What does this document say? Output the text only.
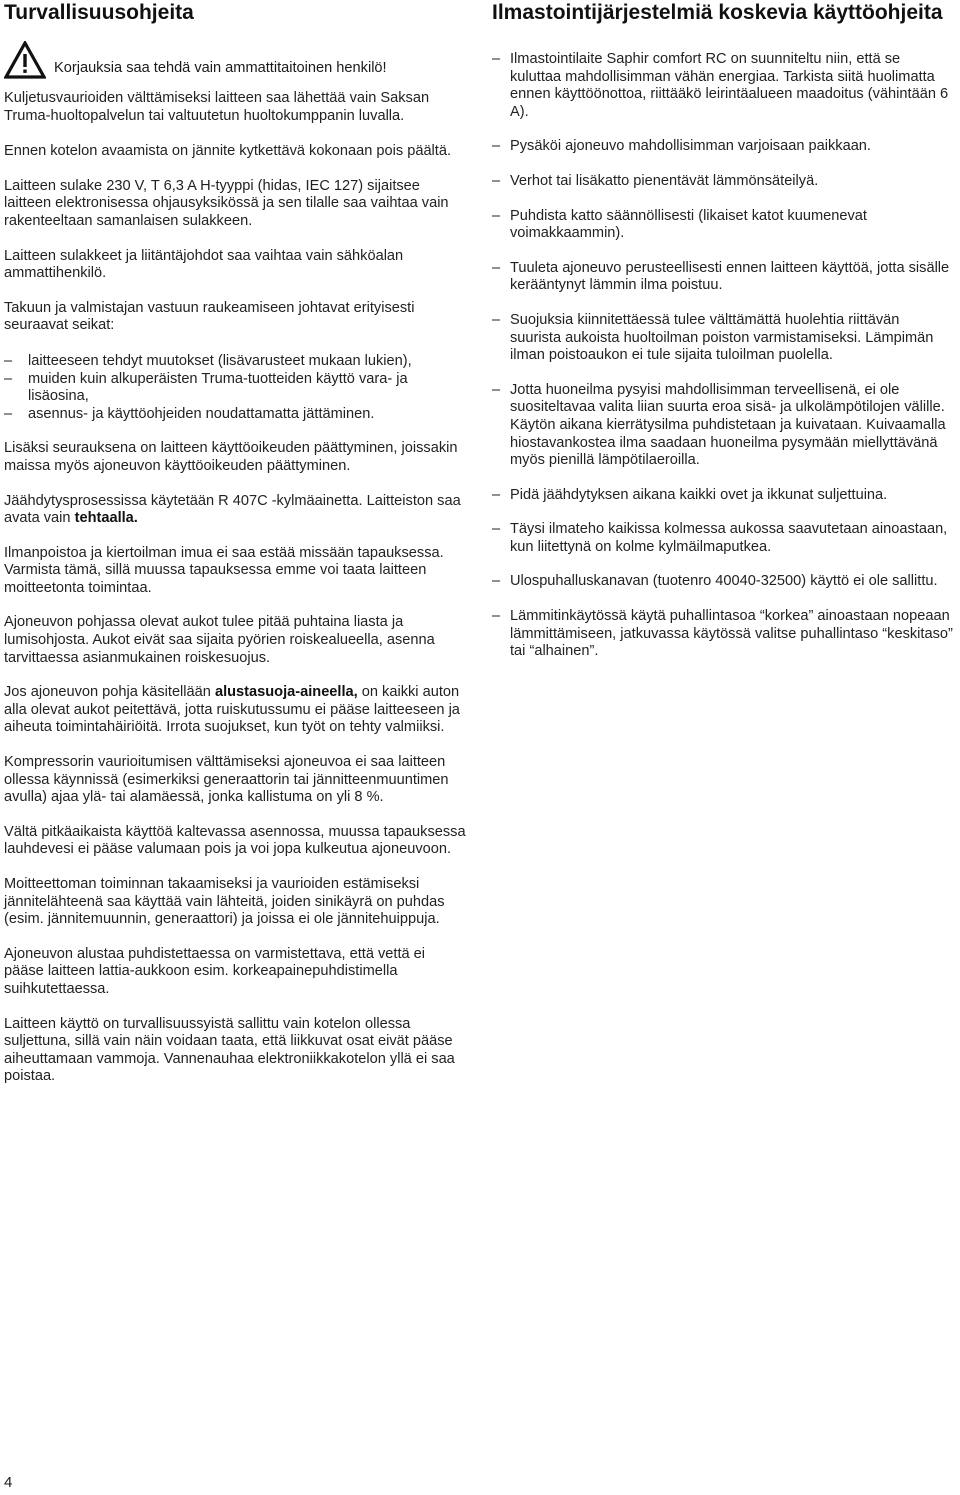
Turvallisuusohjeita
Korjauksia saa tehdä vain ammattitaitoinen henkilö!

Kuljetusvaurioiden välttämiseksi laitteen saa lähettää vain Saksan Truma-huoltopalvelun tai valtuutetun huoltokumppanin luvalla.

Ennen kotelon avaamista on jännite kytkettävä kokonaan pois päältä.

Laitteen sulake 230 V, T 6,3 A H-tyyppi (hidas, IEC 127) sijaitsee laitteen elektronisessa ohjausyksikössä ja sen tilalle saa vaihtaa vain rakenteeltaan samanlaisen sulakkeen.

Laitteen sulakkeet ja liitäntäjohdot saa vaihtaa vain sähköalan ammattihenkilö.

Takuun ja valmistajan vastuun raukeamiseen johtavat erityisesti seuraavat seikat:

– laitteeseen tehdyt muutokset (lisävarusteet mukaan lukien),
– muiden kuin alkuperäisten Truma-tuotteiden käyttö vara- ja lisäosina,
– asennus- ja käyttöohjeiden noudattamatta jättäminen.

Lisäksi seurauksena on laitteen käyttöoikeuden päättyminen, joissakin maissa myös ajoneuvon käyttöoikeuden päättyminen.

Jäähdytysprosessissa käytetään R 407C -kylmäainetta. Laitteiston saa avata vain tehtaalla.

Ilmanpoistoa ja kiertoilman imua ei saa estää missään tapauksessa. Varmista tämä, sillä muussa tapauksessa emme voi taata laitteen moitteetonta toimintaa.

Ajoneuvon pohjassa olevat aukot tulee pitää puhtaina liasta ja lumisohjosta. Aukot eivät saa sijaita pyörien roiskealueella, asenna tarvittaessa asianmukainen roiskesuojus.

Jos ajoneuvon pohja käsitellään alustasuoja-aineella, on kaikki auton alla olevat aukot peitettävä, jotta ruiskutussumu ei pääse laitteeseen ja aiheuta toimintahäiriöitä. Irrota suojukset, kun työt on tehty valmiiksi.

Kompressorin vaurioitumisen välttämiseksi ajoneuvoa ei saa laitteen ollessa käynnissä (esimerkiksi generaattorin tai jännitteenmuuntimen avulla) ajaa ylä- tai alamäessä, jonka kallistuma on yli 8 %.

Vältä pitkäaikaista käyttöä kaltevassa asennossa, muussa tapauksessa lauhdevesi ei pääse valumaan pois ja voi jopa kulkeutua ajoneuvoon.

Moitteettoman toiminnan takaamiseksi ja vaurioiden estämiseksi jännitelähteenä saa käyttää vain lähteitä, joiden sinikäyrä on puhdas (esim. jännitemuunnin, generaattori) ja joissa ei ole jännitehuippuja.

Ajoneuvon alustaa puhdistettaessa on varmistettava, että vettä ei pääse laitteen lattia-aukkoon esim. korkeapainepuhdistimella suihkutettaessa.

Laitteen käyttö on turvallisuussyistä sallittu vain kotelon ollessa suljettuna, sillä vain näin voidaan taata, että liikkuvat osat eivät pääse aiheuttamaan vammoja. Vannenauhaa elektroniikkakotelon yllä ei saa poistaa.

Ilmastointijärjestelmiä koskevia käyttöohjeita
– Ilmastointilaite Saphir comfort RC on suunniteltu niin, että se kuluttaa mahdollisimman vähän energiaa. Tarkista siitä huolimatta ennen käyttöönottoa, riittääkö leirintäalueen maadoitus (vähintään 6 A).
– Pysäköi ajoneuvo mahdollisimman varjoisaan paikkaan.
– Verhot tai lisäkatto pienentävät lämmönsäteilyä.
– Puhdista katto säännöllisesti (likaiset katot kuumenevat voimakkaammin).
– Tuuleta ajoneuvo perusteellisesti ennen laitteen käyttöä, jotta sisälle kerääntynyt lämmin ilma poistuu.
– Suojuksia kiinnitettäessä tulee välttämättä huolehtia riittävän suurista aukoista huoltoilman poiston varmistamiseksi. Lämpimän ilman poistoaukon ei tule sijaita tuloilman puolella.
– Jotta huoneilma pysyisi mahdollisimman terveellisenä, ei ole suositeltavaa valita liian suurta eroa sisä- ja ulkolämpötilojen välille. Käytön aikana kierrätysilma puhdistetaan ja kuivataan. Kuivaamalla hiostavankostea ilma saadaan huoneilma pysymään miellyttävänä myös pienillä lämpötilaeroilla.
– Pidä jäähdytyksen aikana kaikki ovet ja ikkunat suljettuina.
– Täysi ilmateho kaikissa kolmessa aukossa saavutetaan ainoastaan, kun liitettynä on kolme kylmäilmaputkea.
– Ulospuhalluskanavan (tuotenro 40040-32500) käyttö ei ole sallittu.
– Lämmitinkäytössä käytä puhallintasoa “korkea” ainoastaan nopeaan lämmittämiseen, jatkuvassa käytössä valitse puhallintaso “keskitaso” tai “alhainen”.
4
